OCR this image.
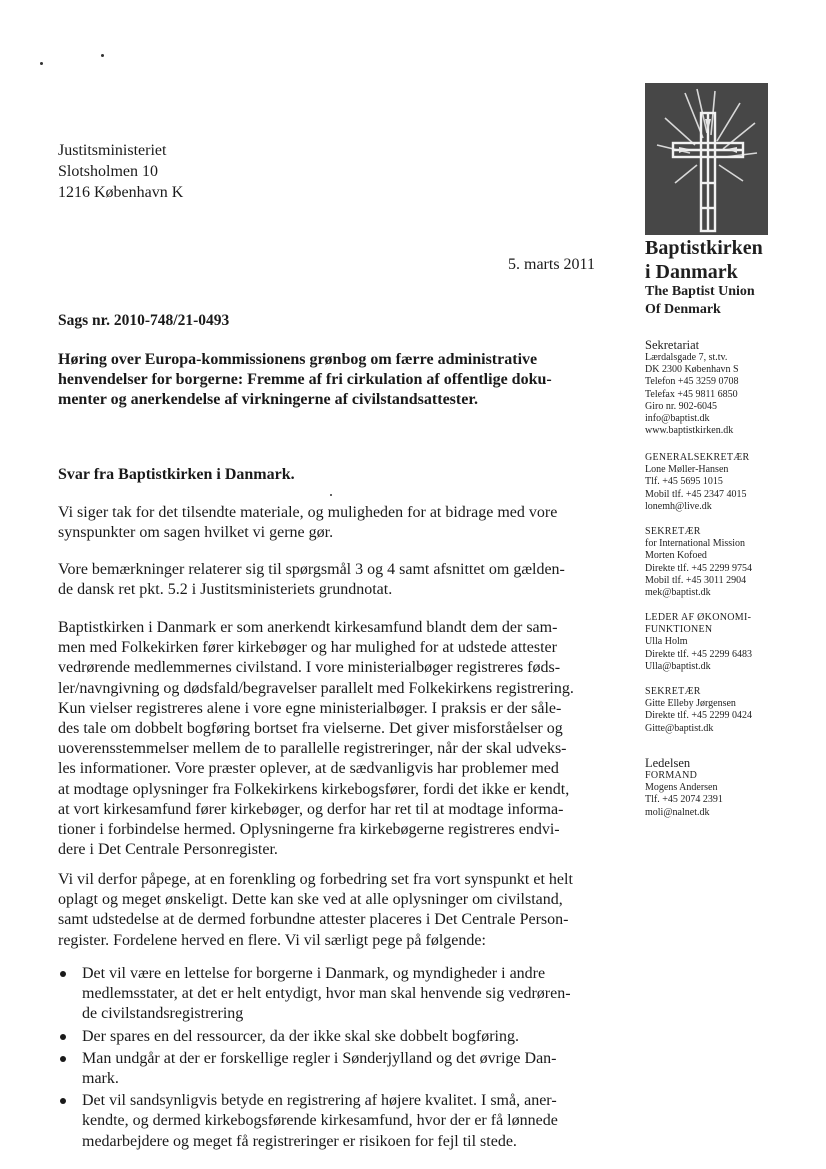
Justitsministeriet
Slotsholmen 10
1216 København K
5. marts 2011
Sags nr. 2010-748/21-0493
Høring over Europa-kommissionens grønbog om færre administrative
henvendelser for borgerne: Fremme af fri cirkulation af offentlige doku-
menter og anerkendelse af virkningerne af civilstandsattester.
Svar fra Baptistkirken i Danmark.
Vi siger tak for det tilsendte materiale, og muligheden for at bidrage med vore
synspunkter om sagen hvilket vi gerne gør.
Vore bemærkninger relaterer sig til spørgsmål 3 og 4 samt afsnittet om gælden-
de dansk ret pkt. 5.2 i Justitsministeriets grundnotat.
Baptistkirken i Danmark er som anerkendt kirkesamfund blandt dem der sam-
men med Folkekirken fører kirkebøger og har mulighed for at udstede attester
vedrørende medlemmernes civilstand. I vore ministerialbøger registreres føds-
ler/navngivning og dødsfald/begravelser parallelt med Folkekirkens registrering.
Kun vielser registreres alene i vore egne ministerialbøger. I praksis er der såle-
des tale om dobbelt bogføring bortset fra vielserne. Det giver misforståelser og
uoverensstemmelser mellem de to parallelle registreringer, når der skal udveks-
les informationer. Vore præster oplever, at de sædvanligvis har problemer med
at modtage oplysninger fra Folkekirkens kirkebogsfører, fordi det ikke er kendt,
at vort kirkesamfund fører kirkebøger, og derfor har ret til at modtage informa-
tioner i forbindelse hermed. Oplysningerne fra kirkebøgerne registreres endvi-
dere i Det Centrale Personregister.
Vi vil derfor påpege, at en forenkling og forbedring set fra vort synspunkt et helt
oplagt og meget ønskeligt. Dette kan ske ved at alle oplysninger om civilstand,
samt udstedelse at de dermed forbundne attester placeres i Det Centrale Person-
register. Fordelene herved en flere. Vi vil særligt pege på følgende:
Det vil være en lettelse for borgerne i Danmark, og myndigheder i andre
medlemsstater, at det er helt entydigt, hvor man skal henvende sig vedrøren-
de civilstandsregistrering
Der spares en del ressourcer, da der ikke skal ske dobbelt bogføring.
Man undgår at der er forskellige regler i Sønderjylland og det øvrige Dan-
mark.
Det vil sandsynligvis betyde en registrering af højere kvalitet. I små, aner-
kendte, og dermed kirkebogsførende kirkesamfund, hvor der er få lønnede
medarbejdere og meget få registreringer er risikoen for fejl til stede.
Baptistkirken
i Danmark
The Baptist Union
Of Denmark
Sekretariat
Lærdalsgade 7, st.tv.
DK 2300 København S
Telefon +45 3259 0708
Telefax +45 9811 6850
Giro nr. 902-6045
info@baptist.dk
www.baptistkirken.dk
GENERALSEKRETÆR
Lone Møller-Hansen
Tlf. +45 5695 1015
Mobil tlf. +45 2347 4015
lonemh@live.dk
SEKRETÆR
for International Mission
Morten Kofoed
Direkte tlf. +45 2299 9754
Mobil tlf. +45 3011 2904
mek@baptist.dk
LEDER AF ØKONOMI-
FUNKTIONEN
Ulla Holm
Direkte tlf. +45 2299 6483
Ulla@baptist.dk
SEKRETÆR
Gitte Elleby Jørgensen
Direkte tlf. +45 2299 0424
Gitte@baptist.dk
Ledelsen
FORMAND
Mogens Andersen
Tlf. +45 2074 2391
moli@nalnet.dk
